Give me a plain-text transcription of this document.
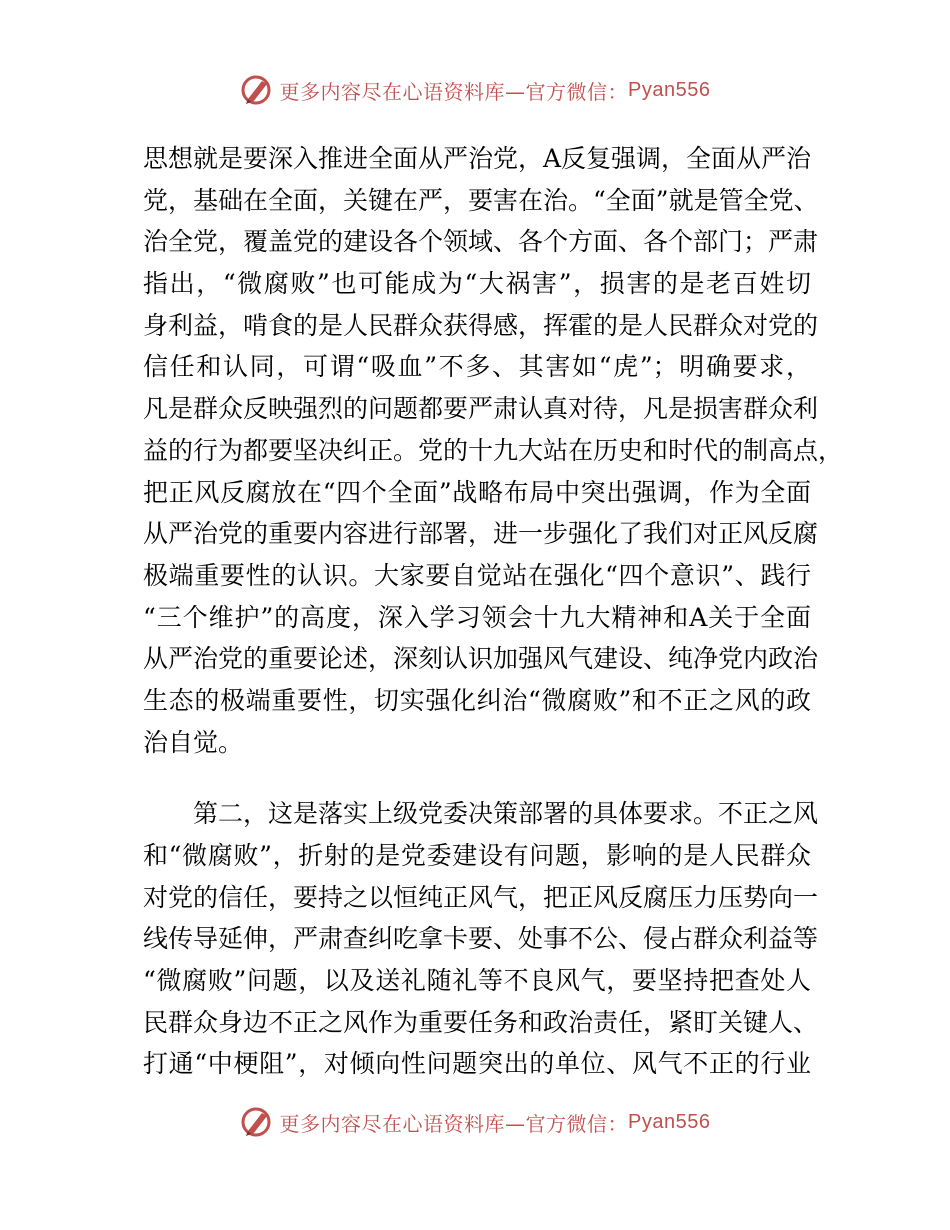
更多内容尽在心语资料库—官方微信： Pyan556
思想就是要深入推进全面从严治党，A反复强调，全面从严治
党，基础在全面，关键在严，要害在治。“全面”就是管全党、
治全党，覆盖党的建设各个领域、各个方面、各个部门；严肃
指出，“微腐败”也可能成为“大祸害”，损害的是老百姓切
身利益，啃食的是人民群众获得感，挥霍的是人民群众对党的
信任和认同，可谓“吸血”不多、其害如“虎”；明确要求，
凡是群众反映强烈的问题都要严肃认真对待，凡是损害群众利
益的行为都要坚决纠正。党的十九大站在历史和时代的制高点，
把正风反腐放在“四个全面”战略布局中突出强调，作为全面
从严治党的重要内容进行部署，进一步强化了我们对正风反腐
极端重要性的认识。大家要自觉站在强化“四个意识”、践行
“三个维护”的高度，深入学习领会十九大精神和A关于全面
从严治党的重要论述，深刻认识加强风气建设、纯净党内政治
生态的极端重要性，切实强化纠治“微腐败”和不正之风的政
治自觉。
第二，这是落实上级党委决策部署的具体要求。不正之风
和“微腐败”，折射的是党委建设有问题，影响的是人民群众
对党的信任，要持之以恒纯正风气，把正风反腐压力压势向一
线传导延伸，严肃查纠吃拿卡要、处事不公、侵占群众利益等
“微腐败”问题，以及送礼随礼等不良风气，要坚持把查处人
民群众身边不正之风作为重要任务和政治责任，紧盯关键人、
打通“中梗阻”，对倾向性问题突出的单位、风气不正的行业
更多内容尽在心语资料库—官方微信： Pyan556
